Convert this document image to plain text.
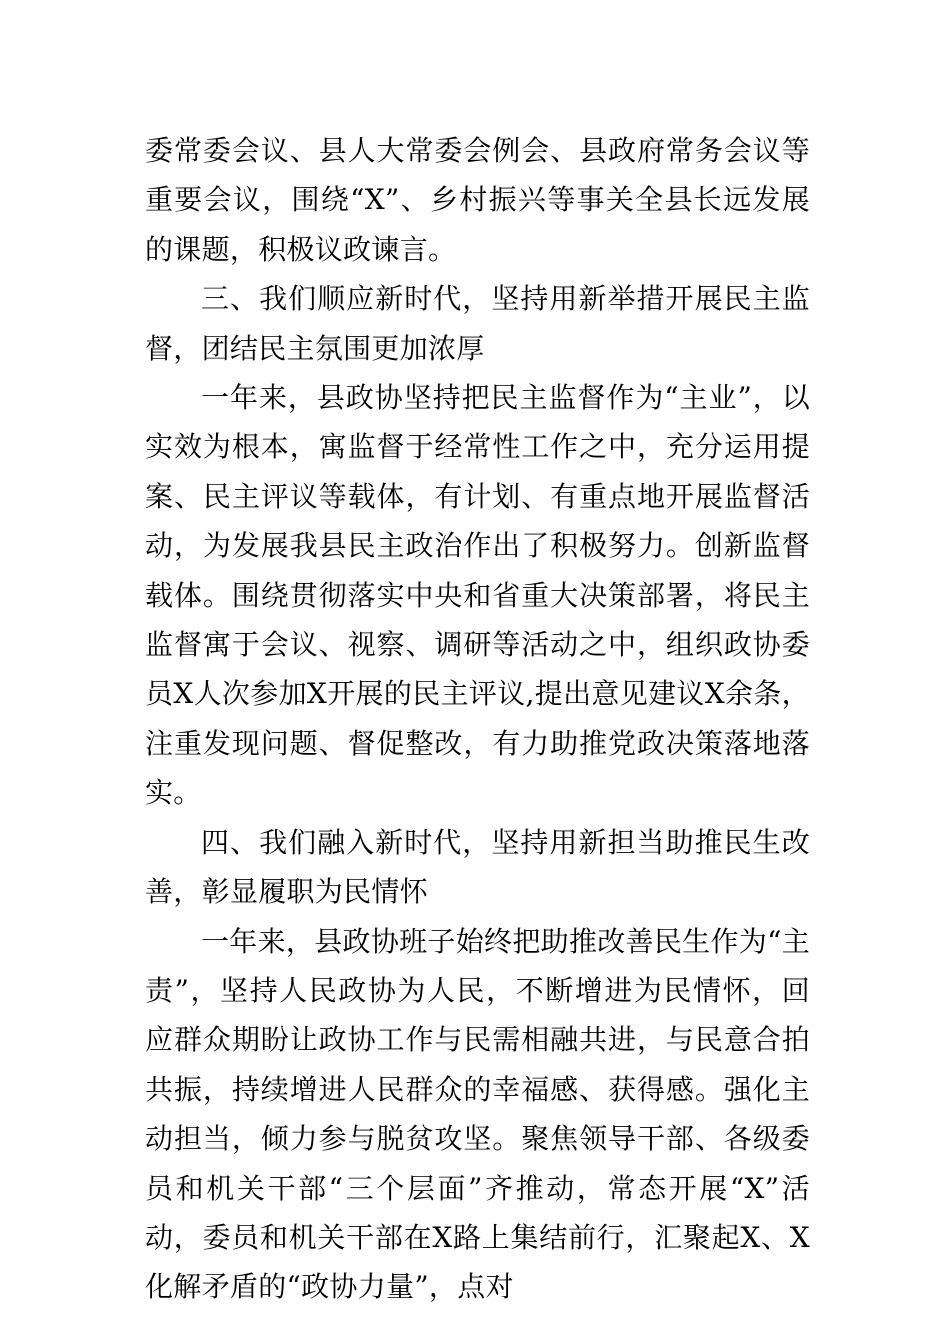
委常委会议、县人大常委会例会、县政府常务会议等重要会议，围绕“X”、乡村振兴等事关全县长远发展的课题，积极议政谏言。

三、我们顺应新时代，坚持用新举措开展民主监督，团结民主氛围更加浓厚

一年来，县政协坚持把民主监督作为“主业”，以实效为根本，寓监督于经常性工作之中，充分运用提案、民主评议等载体，有计划、有重点地开展监督活动，为发展我县民主政治作出了积极努力。创新监督载体。围绕贯彻落实中央和省重大决策部署，将民主监督寓于会议、视察、调研等活动之中，组织政协委员X人次参加X开展的民主评议,提出意见建议X余条，注重发现问题、督促整改，有力助推党政决策落地落实。

四、我们融入新时代，坚持用新担当助推民生改善，彰显履职为民情怀

一年来，县政协班子始终把助推改善民生作为“主责”，坚持人民政协为人民，不断增进为民情怀，回应群众期盼让政协工作与民需相融共进，与民意合拍共振，持续增进人民群众的幸福感、获得感。强化主动担当，倾力参与脱贫攻坚。聚焦领导干部、各级委员和机关干部“三个层面”齐推动，常态开展“X”活动，委员和机关干部在X路上集结前行，汇聚起X、X化解矛盾的“政协力量”，点对
